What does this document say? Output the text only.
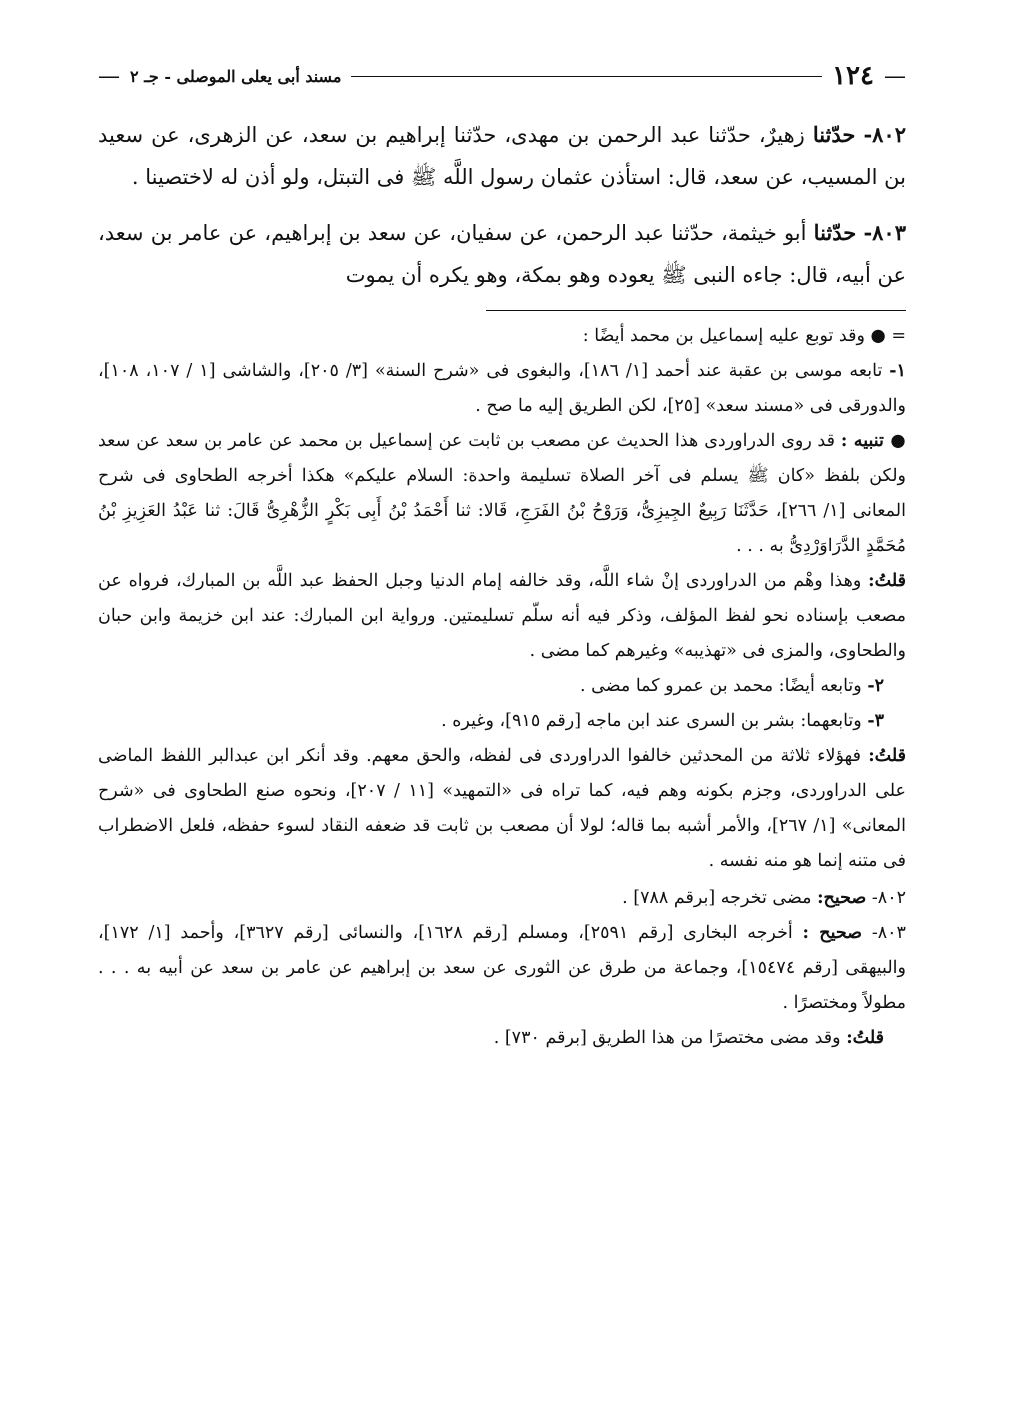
—
١٢٤
مسند أبى يعلى الموصلى - جـ ٢
—

٨٠٢- حدّثنا زهيرٌ، حدّثنا عبد الرحمن بن مهدى، حدّثنا إبراهيم بن سعد، عن الزهرى، عن سعيد بن المسيب، عن سعد، قال: استأذن عثمان رسول اللَّه ﷺ فى التبتل، ولو أذن له لاختصينا .

٨٠٣- حدّثنا أبو خيثمة، حدّثنا عبد الرحمن، عن سفيان، عن سعد بن إبراهيم، عن عامر بن سعد، عن أبيه، قال: جاءه النبى ﷺ يعوده وهو بمكة، وهو يكره أن يموت

= ● وقد توبع عليه إسماعيل بن محمد أيضًا :

١- تابعه موسى بن عقبة عند أحمد [١/ ١٨٦]، والبغوى فى «شرح السنة» [٣/ ٢٠٥]، والشاشى [١ / ١٠٧، ١٠٨]، والدورقى فى «مسند سعد» [٢٥]، لكن الطريق إليه ما صح .

● تنبيه : قد روى الدراوردى هذا الحديث عن مصعب بن ثابت عن إسماعيل بن محمد عن عامر بن سعد عن سعد ولكن بلفظ «كان ﷺ يسلم فى آخر الصلاة تسليمة واحدة: السلام عليكم» هكذا أخرجه الطحاوى فى شرح المعانى [١/ ٢٦٦]، حَدَّثَنَا رَبِيعٌ الجِيزِىُّ، وَرَوْحُ بْنُ الفَرَجِ، قَالا: ثنا أَحْمَدُ بْنُ أَبِى بَكْرٍ الزُّهْرِىُّ قَالَ: ثنا عَبْدُ العَزِيزِ بْنُ مُحَمَّدٍ الدَّرَاوَرْدِىُّ به . . .

قلتُ: وهذا وهْم من الدراوردى إنْ شاء اللَّه، وقد خالفه إمام الدنيا وجبل الحفظ عبد اللَّه بن المبارك، فرواه عن مصعب بإسناده نحو لفظ المؤلف، وذكر فيه أنه سلّم تسليمتين. ورواية ابن المبارك: عند ابن خزيمة وابن حبان والطحاوى، والمزى فى «تهذيبه» وغيرهم كما مضى .

٢- وتابعه أيضًا: محمد بن عمرو كما مضى .

٣- وتابعهما: بشر بن السرى عند ابن ماجه [رقم ٩١٥]، وغيره .

قلتُ: فهؤلاء ثلاثة من المحدثين خالفوا الدراوردى فى لفظه، والحق معهم. وقد أنكر ابن عبدالبر اللفظ الماضى على الدراوردى، وجزم بكونه وهم فيه، كما تراه فى «التمهيد» [١١ / ٢٠٧]، ونحوه صنع الطحاوى فى «شرح المعانى» [١/ ٢٦٧]، والأمر أشبه بما قاله؛ لولا أن مصعب بن ثابت قد ضعفه النقاد لسوء حفظه، فلعل الاضطراب فى متنه إنما هو منه نفسه .

٨٠٢- صحيح: مضى تخرجه [برقم ٧٨٨] .

٨٠٣- صحيح : أخرجه البخارى [رقم ٢٥٩١]، ومسلم [رقم ١٦٢٨]، والنسائى [رقم ٣٦٢٧]، وأحمد [١/ ١٧٢]، والبيهقى [رقم ١٥٤٧٤]، وجماعة من طرق عن الثورى عن سعد بن إبراهيم عن عامر بن سعد عن أبيه به . . . مطولاً ومختصرًا .

قلتُ: وقد مضى مختصرًا من هذا الطريق [برقم ٧٣٠] .
